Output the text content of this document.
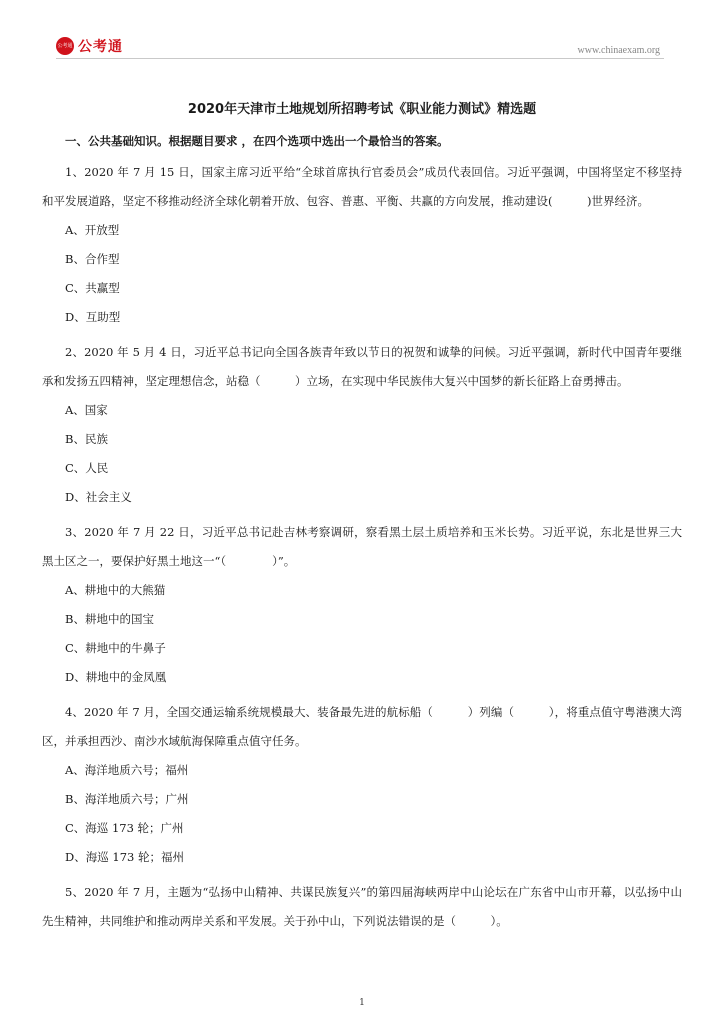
公考通 公考通	www.chinaexam.org
2020年天津市土地规划所招聘考试《职业能力测试》精选题
一、公共基础知识。根据题目要求 ，在四个选项中选出一个最恰当的答案。

1、2020 年 7 月 15 日，国家主席习近平给“全球首席执行官委员会”成员代表回信。习近平强调，中国将坚定不移坚持和平发展道路，坚定不移推动经济全球化朝着开放、包容、普惠、平衡、共赢的方向发展，推动建设(　　　)世界经济。

A、开放型
B、合作型
C、共赢型
D、互助型

2、2020 年 5 月 4 日，习近平总书记向全国各族青年致以节日的祝贺和诚挚的问候。习近平强调，新时代中国青年要继承和发扬五四精神，坚定理想信念，站稳（　　　）立场，在实现中华民族伟大复兴中国梦的新长征路上奋勇搏击。

A、国家
B、民族
C、人民
D、社会主义

3、2020 年 7 月 22 日，习近平总书记赴吉林考察调研，察看黑土层土质培养和玉米长势。习近平说，东北是世界三大黑土区之一，要保护好黑土地这一“（　　　　）”。

A、耕地中的大熊猫
B、耕地中的国宝
C、耕地中的牛鼻子
D、耕地中的金凤凰

4、2020 年 7 月，全国交通运输系统规模最大、装备最先进的航标船（　　　）列编（　　　），将重点值守粤港澳大湾区，并承担西沙、南沙水域航海保障重点值守任务。

A、海洋地质六号；福州
B、海洋地质六号；广州
C、海巡 173 轮；广州
D、海巡 173 轮；福州

5、2020 年 7 月，主题为“弘扬中山精神、共谋民族复兴”的第四届海峡两岸中山论坛在广东省中山市开幕，以弘扬中山先生精神，共同维护和推动两岸关系和平发展。关于孙中山，下列说法错误的是（　　　）。

1
